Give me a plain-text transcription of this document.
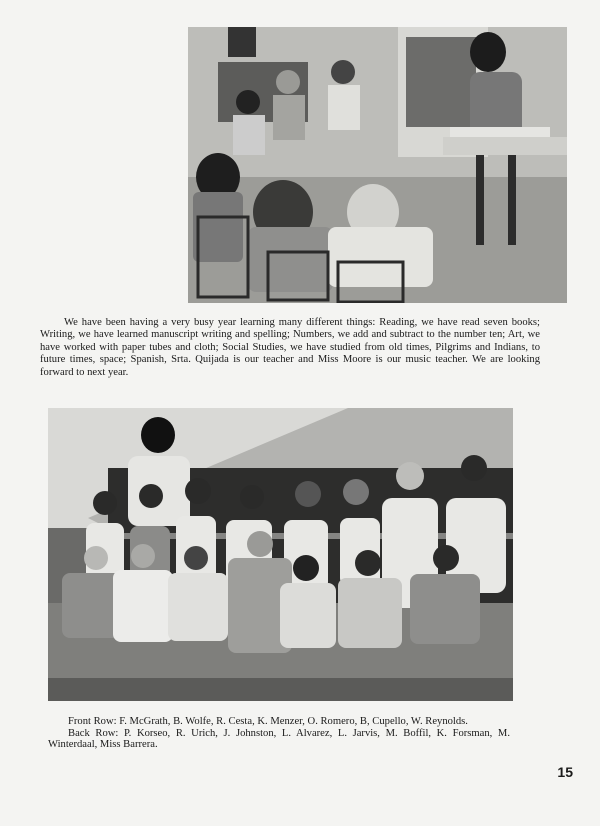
We have been having a very busy year learning many different things: Reading, we have read seven books; Writing, we have learned manuscript writing and spelling; Numbers, we add and subtract to the number ten; Art, we have worked with paper tubes and cloth; Social Studies, we have studied from old times, Pilgrims and Indians, to future times, space; Spanish, Srta. Quijada is our teacher and Miss Moore is our music teacher. We are looking forward to next year.

Front Row: F. McGrath, B. Wolfe, R. Cesta, K. Menzer, O. Romero, B, Cupello, W. Reynolds.

Back Row: P. Korseo, R. Urich, J. Johnston, L. Alvarez, L. Jarvis, M. Boffil, K. Forsman, M. Winterdaal, Miss Barrera.

15
